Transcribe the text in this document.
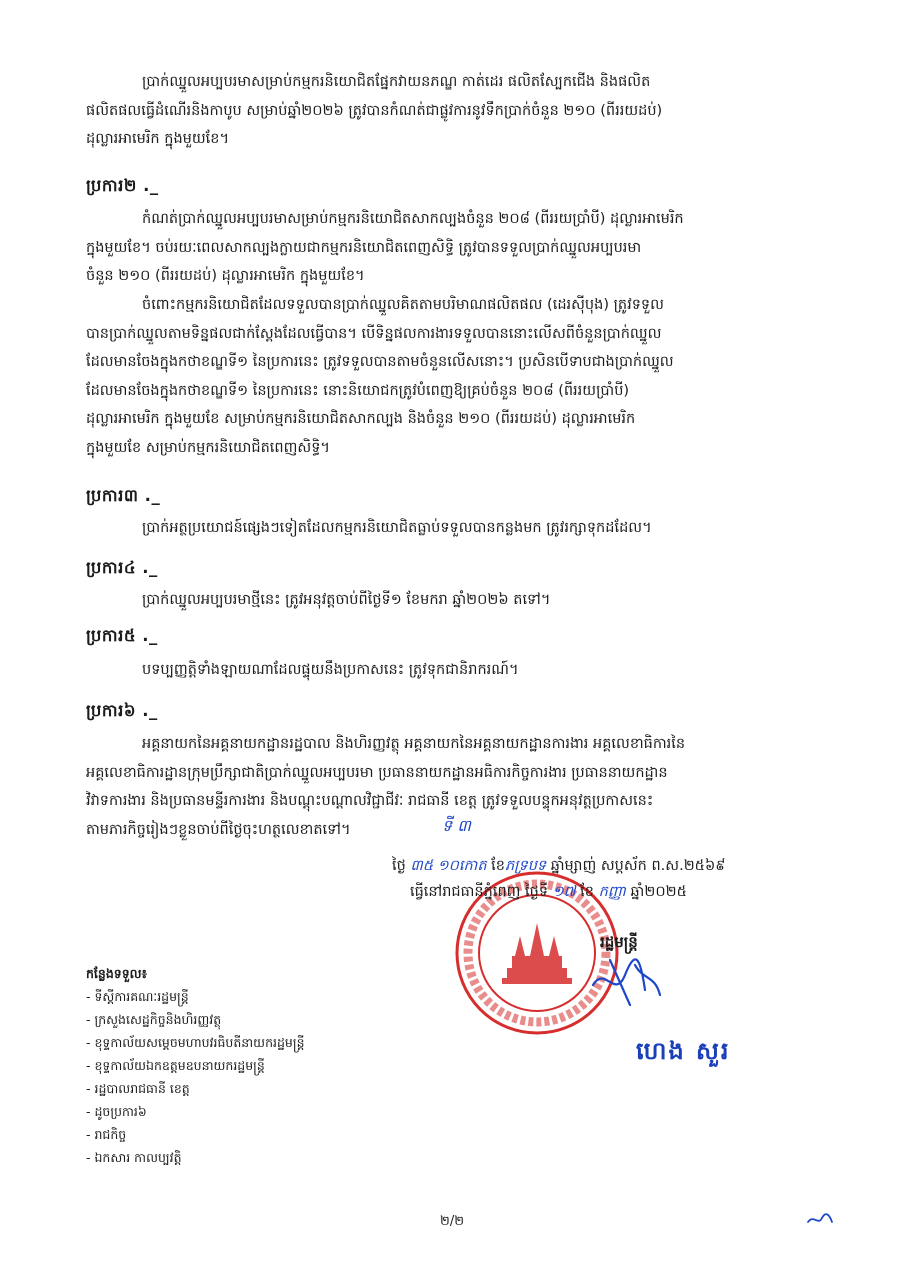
ប្រាក់ឈ្នួលអប្បបរមាសម្រាប់កម្មករនិយោជិតផ្នែកវាយនភណ្ឌ កាត់ដេរ ផលិតស្បែកជើង និងផលិត
ផលិតផលធ្វើដំណើរនិងកាបូប សម្រាប់ឆ្នាំ២០២៦ ត្រូវបានកំណត់ជាផ្លូវការនូវទឹកប្រាក់ចំនួន ២១០ (ពីររយដប់)
ដុល្លារអាមេរិក ក្នុងមួយខែ។
ប្រការ២ ._
កំណត់ប្រាក់ឈ្នួលអប្បបរមាសម្រាប់កម្មករនិយោជិតសាកល្បងចំនួន ២០៨ (ពីររយប្រាំបី) ដុល្លារអាមេរិក
ក្នុងមួយខែ។ ចប់រយៈពេលសាកល្បងក្លាយជាកម្មករនិយោជិតពេញសិទ្ធិ ត្រូវបានទទួលប្រាក់ឈ្នួលអប្បបរមា
ចំនួន ២១០ (ពីររយដប់) ដុល្លារអាមេរិក ក្នុងមួយខែ។
ចំពោះកម្មករនិយោជិតដែលទទួលបានប្រាក់ឈ្នួលគិតតាមបរិមាណផលិតផល (ដេរស៊ីបុង) ត្រូវទទួល
បានប្រាក់ឈ្នួលតាមទិន្នផលជាក់ស្តែងដែលធ្វើបាន។ បើទិន្នផលការងារទទួលបាននោះលើសពីចំនួនប្រាក់ឈ្នួល
ដែលមានចែងក្នុងកថាខណ្ឌទី១ នៃប្រការនេះ ត្រូវទទួលបានតាមចំនួនលើសនោះ។ ប្រសិនបើទាបជាងប្រាក់ឈ្នួល
ដែលមានចែងក្នុងកថាខណ្ឌទី១ នៃប្រការនេះ នោះនិយោជកត្រូវបំពេញឱ្យគ្រប់ចំនួន ២០៨ (ពីររយប្រាំបី)
ដុល្លារអាមេរិក ក្នុងមួយខែ សម្រាប់កម្មករនិយោជិតសាកល្បង និងចំនួន ២១០ (ពីររយដប់) ដុល្លារអាមេរិក
ក្នុងមួយខែ សម្រាប់កម្មករនិយោជិតពេញសិទ្ធិ។
ប្រការ៣ ._
ប្រាក់អត្ថប្រយោជន៍ផ្សេងៗទៀតដែលកម្មករនិយោជិតធ្លាប់ទទួលបានកន្លងមក ត្រូវរក្សាទុកដដែល។
ប្រការ៤ ._
ប្រាក់ឈ្នួលអប្បបរមាថ្មីនេះ ត្រូវអនុវត្តចាប់ពីថ្ងៃទី១ ខែមករា ឆ្នាំ២០២៦ តទៅ។
ប្រការ៥ ._
បទប្បញ្ញត្តិទាំងឡាយណាដែលផ្ទុយនឹងប្រកាសនេះ ត្រូវទុកជានិរាករណ៍។
ប្រការ៦ ._
អគ្គនាយកនៃអគ្គនាយកដ្ឋានរដ្ឋបាល និងហិរញ្ញវត្ថុ អគ្គនាយកនៃអគ្គនាយកដ្ឋានការងារ អគ្គលេខាធិការនៃ
អគ្គលេខាធិការដ្ឋានក្រុមប្រឹក្សាជាតិប្រាក់ឈ្នួលអប្បបរមា ប្រធាននាយកដ្ឋានអធិការកិច្ចការងារ ប្រធាននាយកដ្ឋាន
វិវាទការងារ និងប្រធានមន្ទីរការងារ និងបណ្តុះបណ្តាលវិជ្ជាជីវៈ រាជធានី ខេត្ត ត្រូវទទួលបន្ទុកអនុវត្តប្រកាសនេះ
តាមភារកិច្ចរៀងៗខ្លួនចាប់ពីថ្ងៃចុះហត្ថលេខាតទៅ។	ទី ៣
ថ្ងៃ ៣៥ ១០កោត ខែភទ្របទ ឆ្នាំម្សាញ់ សប្តស័ក ព.ស.២៥៦៩
ធ្វើនៅរាជធានីភ្នំពេញ ថ្ងៃទី ១៧ ខែ កញ្ញា ឆ្នាំ២០២៥
រដ្ឋមន្ត្រី
ហេង សួរ
កន្លែងទទួល៖
- ទីស្តីការគណៈរដ្ឋមន្ត្រី
- ក្រសួងសេដ្ឋកិច្ចនិងហិរញ្ញវត្ថុ
- ខុទ្ទកាល័យសម្តេចមហាបវរធិបតីនាយករដ្ឋមន្ត្រី
- ខុទ្ទកាល័យឯកឧត្តមឧបនាយករដ្ឋមន្ត្រី
- រដ្ឋបាលរាជធានី ខេត្ត
- ដូចប្រការ៦
- រាជកិច្ច
- ឯកសារ កាលប្បវត្តិ
២/២
